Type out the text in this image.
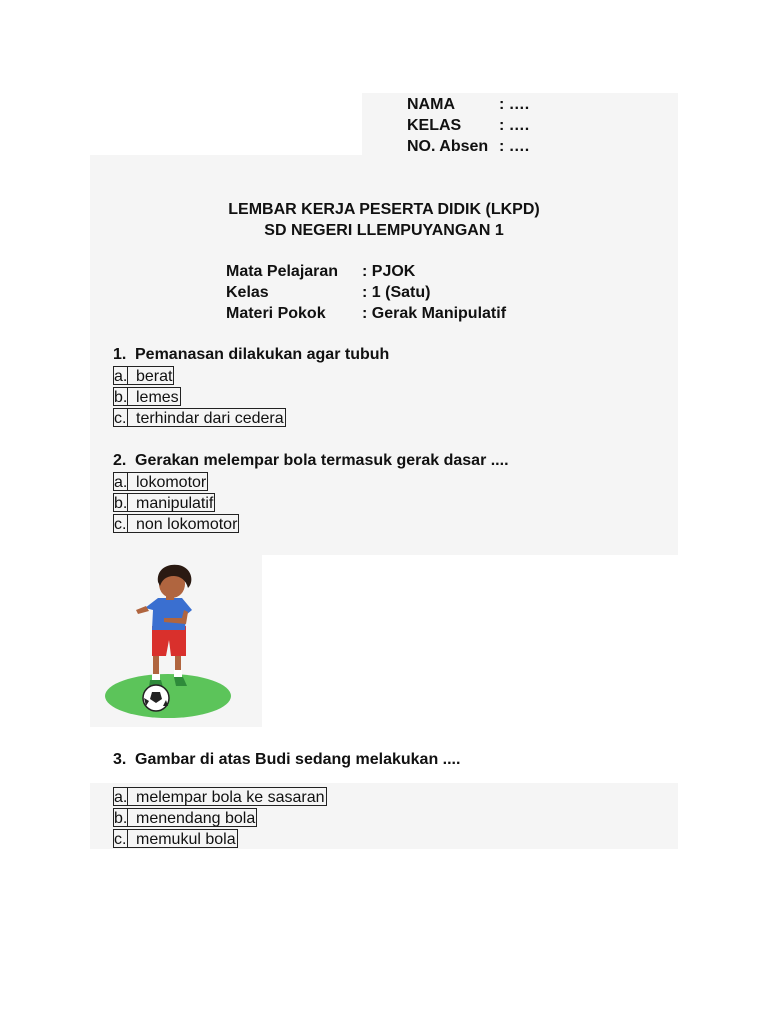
NAMA	: ….
KELAS : ….
NO. Absen : ….
LEMBAR KERJA PESERTA DIDIK (LKPD)
SD NEGERI LLEMPUYANGAN 1
Mata Pelajaran : PJOK
Kelas	: 1 (Satu)
Materi Pokok : Gerak Manipulatif
1. Pemanasan dilakukan agar tubuh
a. berat
b. lemes
c. terhindar dari cedera
2. Gerakan melempar bola termasuk gerak dasar ....
a. lokomotor
b. manipulatif
c. non lokomotor
3. Gambar di atas Budi sedang melakukan ....
a. melempar bola ke sasaran
b. menendang bola
c. memukul bola
